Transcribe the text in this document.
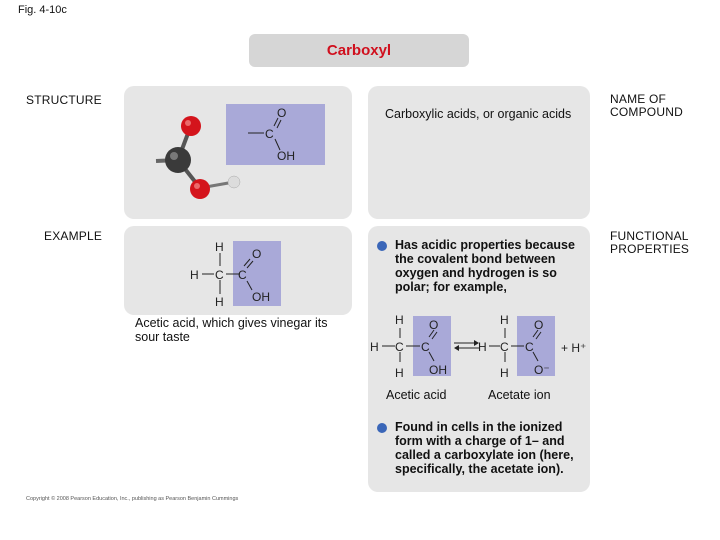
Fig. 4-10c
Carboxyl
STRUCTURE
EXAMPLE
NAME OF COMPOUND
FUNCTIONAL PROPERTIES
C
O
OH
Carboxylic acids, or organic acids
H
H C
H
C
O
OH
Acetic acid, which gives vinegar its sour taste
Has acidic properties because the covalent bond between oxygen and hydrogen is so polar; for example,
H
H C
H
C
O
OH
H
H C
H
C
O
O⁻
+ H⁺
Acetic acid	Acetate ion
Found in cells in the ionized form with a charge of 1– and called a carboxylate ion (here, specifically, the acetate ion).
Copyright © 2008 Pearson Education, Inc., publishing as Pearson Benjamin Cummings
